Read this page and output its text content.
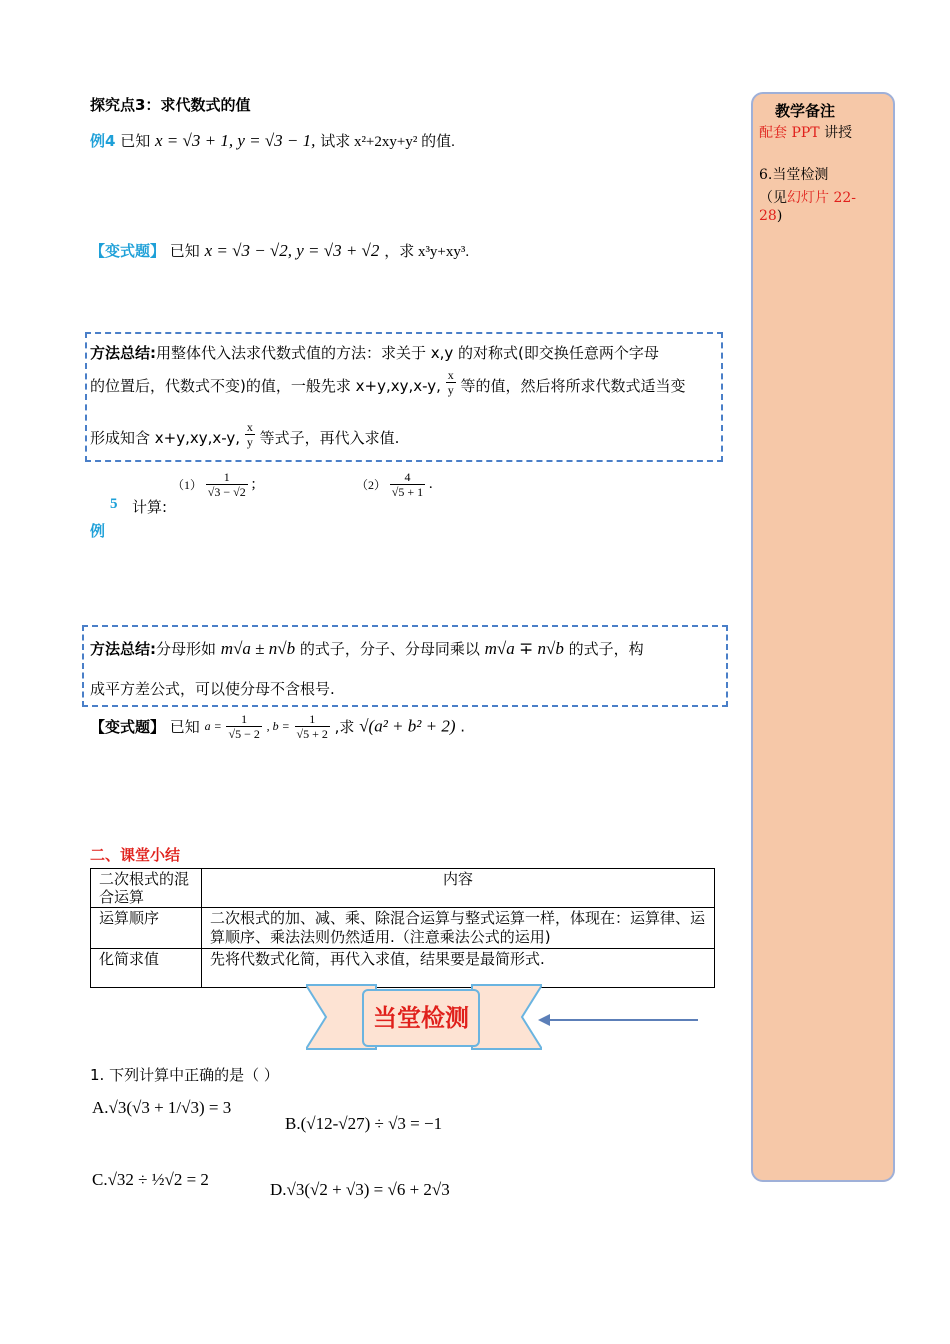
教学备注
配套 PPT 讲授
6.当堂检测
（见幻灯片 22-
28)
探究点3：求代数式的值
例4 已知 x = √3 + 1, y = √3 − 1, 试求 x²+2xy+y² 的值.
【变式题】 已知 x = √3 − √2, y = √3 + √2 ，求 x³y+xy³.
方法总结:用整体代入法求代数式值的方法：求关于 x,y 的对称式(即交换任意两个字母
的位置后，代数式不变)的值，一般先求 x+y,xy,x-y, $\frac{x}{y}$ 等的值，然后将所求代数式适当变
形成知含 x+y,xy,x-y, $\frac{x}{y}$ 等式子，再代入求值.
5 计算:
例
$(1) \frac{1}{√3 - √2}$ ;	$(2) \frac{4}{√5 + 1}$ .
方法总结:分母形如 m√a ± n√b 的式子，分子、分母同乘以 m√a ∓ n√b 的式子，构
成平方差公式，可以使分母不含根号.
【变式题】 已知 $a = \frac{1}{√5 - 2}$ , $b = \frac{1}{√5 + 2}$ ,求 √(a² + b² + 2) .
二、课堂小结
二次根式的混合运算	内容
运算顺序	二次根式的加、减、乘、除混合运算与整式运算一样，体现在：运算律、运算顺序、乘法法则仍然适用.（注意乘法公式的运用)
化简求值	先将代数式化简，再代入求值，结果要是最简形式.
当堂检测
1. 下列计算中正确的是（ ）
A.√3(√3 + 1/√3) = 3
B.(√12-√27) ÷ √3 = −1
C.√32 ÷ ½√2 = 2
D.√3(√2 + √3) = √6 + 2√3
